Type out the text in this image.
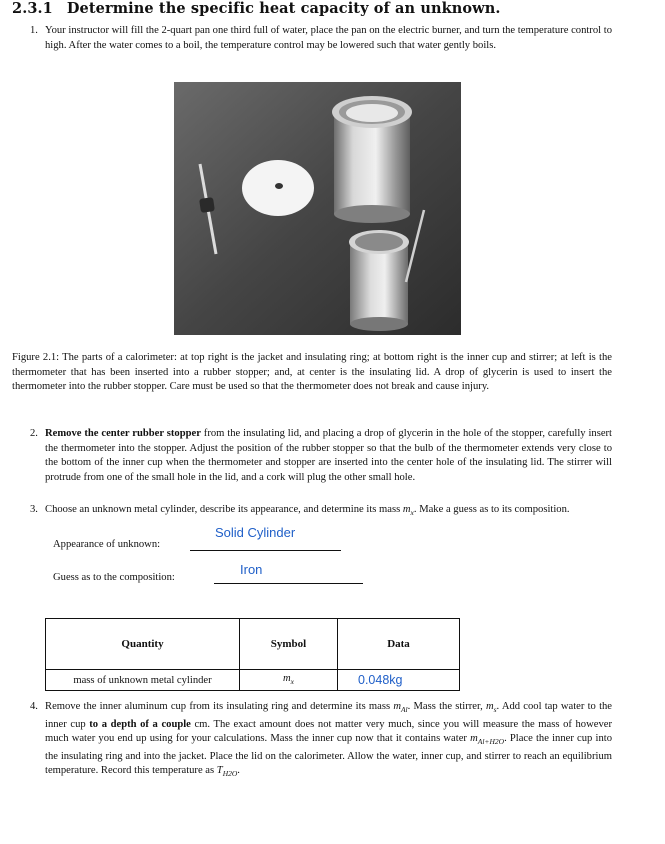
2.3.1 Determine the specific heat capacity of an unknown.
1. Your instructor will fill the 2-quart pan one third full of water, place the pan on the electric burner, and turn the temperature control to high. After the water comes to a boil, the temperature control may be lowered such that water gently boils.
Figure 2.1: The parts of a calorimeter: at top right is the jacket and insulating ring; at bottom right is the inner cup and stirrer; at left is the thermometer that has been inserted into a rubber stopper; and, at center is the insulating lid. A drop of glycerin is used to insert the thermometer into the rubber stopper. Care must be used so that the thermometer does not break and cause injury.
2. Remove the center rubber stopper from the insulating lid, and placing a drop of glycerin in the hole of the stopper, carefully insert the thermometer into the stopper. Adjust the position of the rubber stopper so that the bulb of the thermometer extends very close to the bottom of the inner cup when the thermometer and stopper are inserted into the center hole of the insulating lid. The stirrer will protrude from one of the small hole in the lid, and a cork will plug the other small hole.
3. Choose an unknown metal cylinder, describe its appearance, and determine its mass $m_x$. Make a guess as to its composition.
Appearance of unknown:
Solid Cylinder
Guess as to the composition:
Iron
Quantity	Symbol	Data
mass of unknown metal cylinder	$m_x$	0.048kg
4. Remove the inner aluminum cup from its insulating ring and determine its mass $m_{Al}$. Mass the stirrer, $m_s$. Add cool tap water to the inner cup to a depth of a couple cm. The exact amount does not matter very much, since you will measure the mass of however much water you end up using for your calculations. Mass the inner cup now that it contains water $m_{Al+H2O}$. Place the inner cup into the insulating ring and into the jacket. Place the lid on the calorimeter. Allow the water, inner cup, and stirrer to reach an equilibrium temperature. Record this temperature as $T_{H2O}$.
